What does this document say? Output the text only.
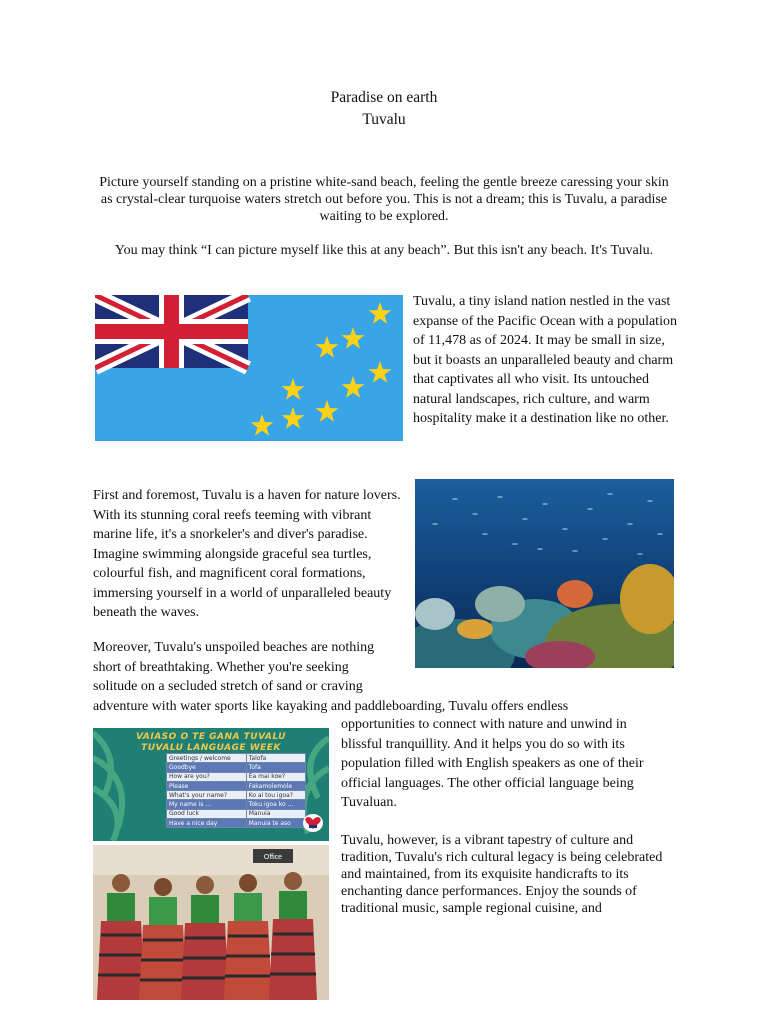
Paradise on earth
Tuvalu

Picture yourself standing on a pristine white-sand beach, feeling the gentle breeze caressing your skin as crystal-clear turquoise waters stretch out before you. This is not a dream; this is Tuvalu, a paradise waiting to be explored.

You may think “I can picture myself like this at any beach”. But this isn't any beach. It's Tuvalu.

Tuvalu, a tiny island nation nestled in the vast expanse of the Pacific Ocean with a population of 11,478 as of 2024. It may be small in size, but it boasts an unparalleled beauty and charm that captivates all who visit. Its untouched natural landscapes, rich culture, and warm hospitality make it a destination like no other.

First and foremost, Tuvalu is a haven for nature lovers. With its stunning coral reefs teeming with vibrant marine life, it's a snorkeler's and diver's paradise. Imagine swimming alongside graceful sea turtles, colourful fish, and magnificent coral formations, immersing yourself in a world of unparalleled beauty beneath the waves.

Moreover, Tuvalu's unspoiled beaches are nothing
short of breathtaking. Whether you're seeking
solitude on a secluded stretch of sand or craving
adventure with water sports like kayaking and paddleboarding, Tuvalu offers endless

opportunities to connect with nature and unwind in blissful tranquillity. And it helps you do so with its population filled with English speakers as one of their official languages. The other official language being Tuvaluan.

VAIASO O TE GANA TUVALU
TUVALU LANGUAGE WEEK
Greetings / welcome	Talofa
Goodbye	Tofa
How are you?	Ea mai koe?
Please	Fakamolemole
What's your name?	Ko ai tou igoa?
My name is ...	Toku igoa ko ...
Good luck	Manuia
Have a nice day	Manuia te aso
Office

Tuvalu, however, is a vibrant tapestry of culture and tradition, Tuvalu's rich cultural legacy is being celebrated and maintained, from its exquisite handicrafts to its enchanting dance performances. Enjoy the sounds of traditional music, sample regional cuisine, and
